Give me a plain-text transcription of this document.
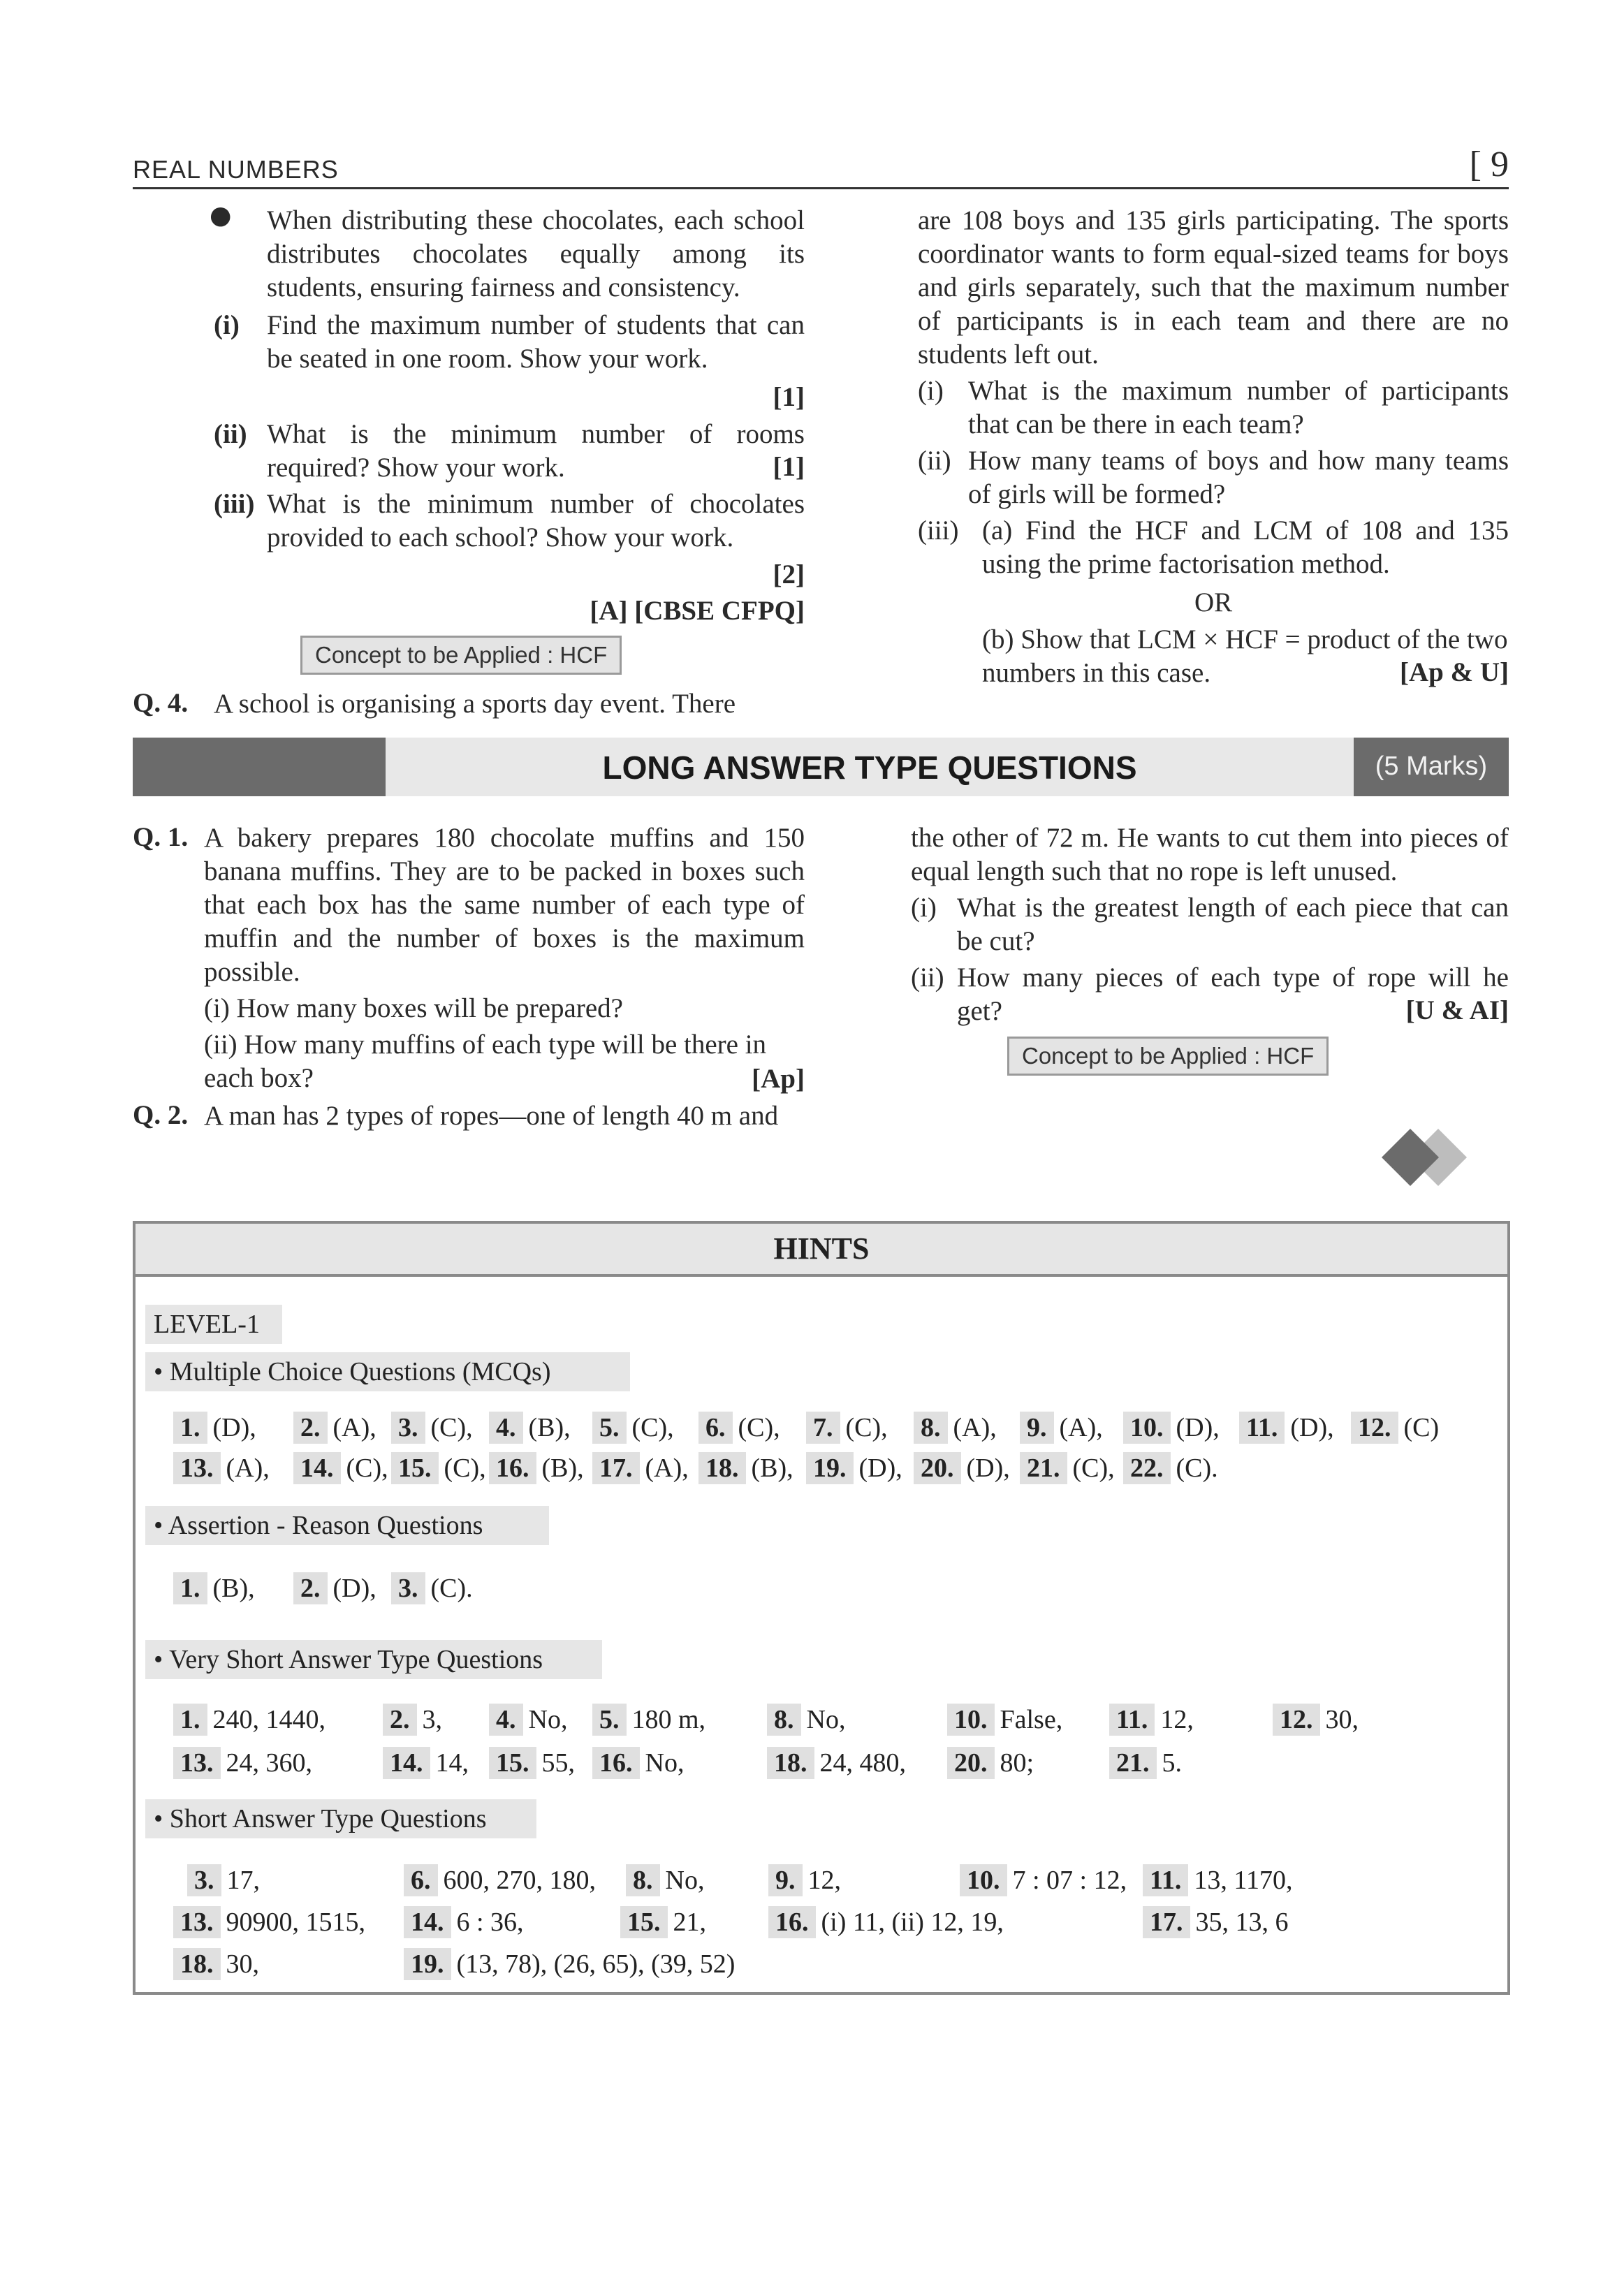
REAL NUMBERS	[ 9
● When distributing these chocolates, each school distributes chocolates equally among its students, ensuring fairness and consistency.
(i) Find the maximum number of students that can be seated in one room. Show your work.
[1]
(ii) What is the minimum number of rooms required? Show your work.	[1]
(iii) What is the minimum number of chocolates provided to each school? Show your work.
[2]
[A] [CBSE CFPQ]
Concept to be Applied : HCF
Q. 4. A school is organising a sports day event. There
are 108 boys and 135 girls participating. The sports coordinator wants to form equal-sized teams for boys and girls separately, such that the maximum number of participants is in each team and there are no students left out.
(i) What is the maximum number of participants that can be there in each team?
(ii) How many teams of boys and how many teams of girls will be formed?
(iii) (a) Find the HCF and LCM of 108 and 135 using the prime factorisation method.
OR
(b) Show that LCM × HCF = product of the two numbers in this case.	[Ap & U]
LONG ANSWER TYPE QUESTIONS	(5 Marks)
Q. 1. A bakery prepares 180 chocolate muffins and 150 banana muffins. They are to be packed in boxes such that each box has the same number of each type of muffin and the number of boxes is the maximum possible.
(i) How many boxes will be prepared?
(ii) How many muffins of each type will be there in each box?	[Ap]
Q. 2. A man has 2 types of ropes—one of length 40 m and
the other of 72 m. He wants to cut them into pieces of equal length such that no rope is left unused.
(i) What is the greatest length of each piece that can be cut?
(ii) How many pieces of each type of rope will he get?	[U & AI]
Concept to be Applied : HCF
HINTS
LEVEL-1
• Multiple Choice Questions (MCQs)
1. (D), 2. (A), 3. (C), 4. (B), 5. (C), 6. (C), 7. (C), 8. (A), 9. (A), 10. (D), 11. (D), 12. (C)
13. (A), 14. (C), 15. (C), 16. (B), 17. (A), 18. (B), 19. (D), 20. (D), 21. (C), 22. (C).
• Assertion - Reason Questions
1. (B), 2. (D), 3. (C).
• Very Short Answer Type Questions
1. 240, 1440, 2. 3, 4. No, 5. 180 m,	8. No,	10. False, 11. 12,	12. 30,
13. 24, 360,	14. 14, 15. 55, 16. No,	18. 24, 480, 20. 80;	21. 5.
• Short Answer Type Questions
3. 17,	6. 600, 270, 180, 8. No,	9. 12,	10. 7 : 07 : 12, 11. 13, 1170,
13. 90900, 1515, 14. 6 : 36,	15. 21,	16. (i) 11, (ii) 12, 19,	17. 35, 13, 6
18. 30,	19. (13, 78), (26, 65), (39, 52)
